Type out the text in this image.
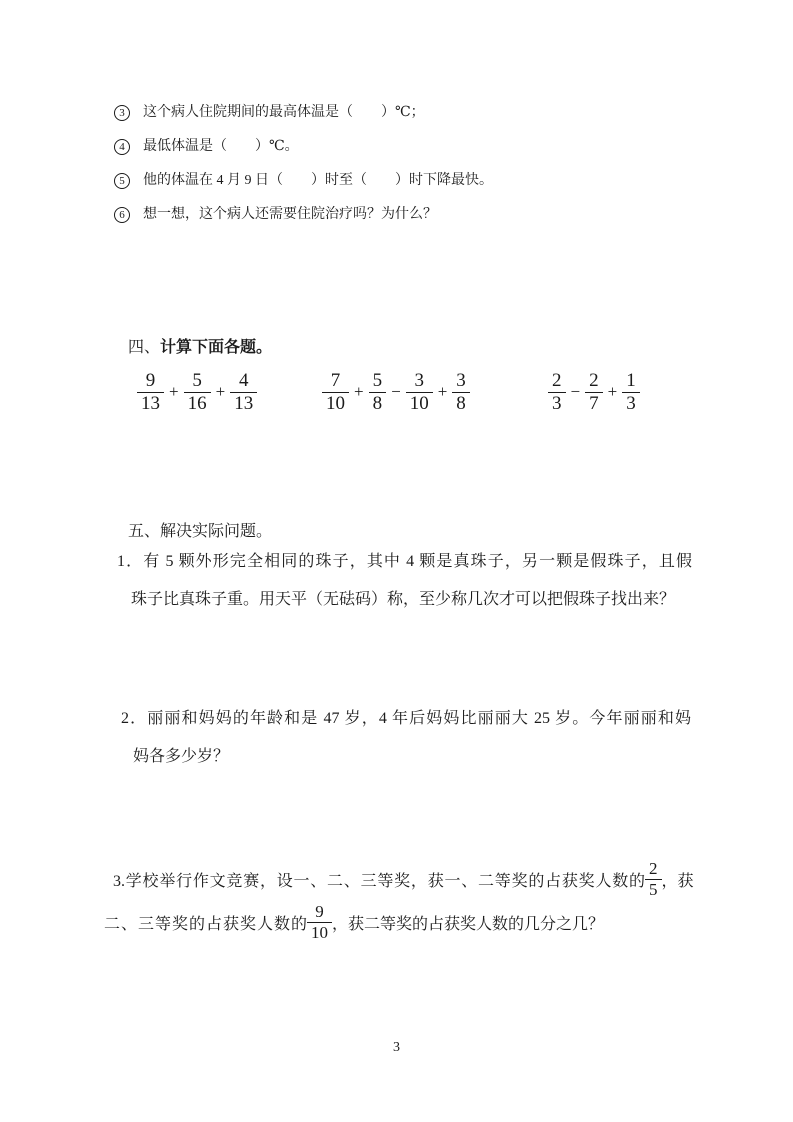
3	这个病人住院期间的最高体温是（　　）℃；
4	最低体温是（　　）℃。
5	他的体温在 4 月 9 日（　　）时至（　　）时下降最快。
6	想一想，这个病人还需要住院治疗吗？为什么？
四、计算下面各题。
$\frac{9}{13} + \frac{5}{16} + \frac{4}{13}$	$\frac{7}{10} + \frac{5}{8} - \frac{3}{10} + \frac{3}{8}$	$\frac{2}{3} - \frac{2}{7} + \frac{1}{3}$
五、解决实际问题。
1．有 5 颗外形完全相同的珠子，其中 4 颗是真珠子，另一颗是假珠子，且假
珠子比真珠子重。用天平（无砝码）称，至少称几次才可以把假珠子找出来？
2．丽丽和妈妈的年龄和是 47 岁，4 年后妈妈比丽丽大 25 岁。今年丽丽和妈
妈各多少岁？
3.学校举行作文竞赛，设一、二、三等奖，获一、二等奖的占获奖人数的 $\frac{2}{5}$ ，获
二、三等奖的占获奖人数的 $\frac{9}{10}$ ，获二等奖的占获奖人数的几分之几？
3
